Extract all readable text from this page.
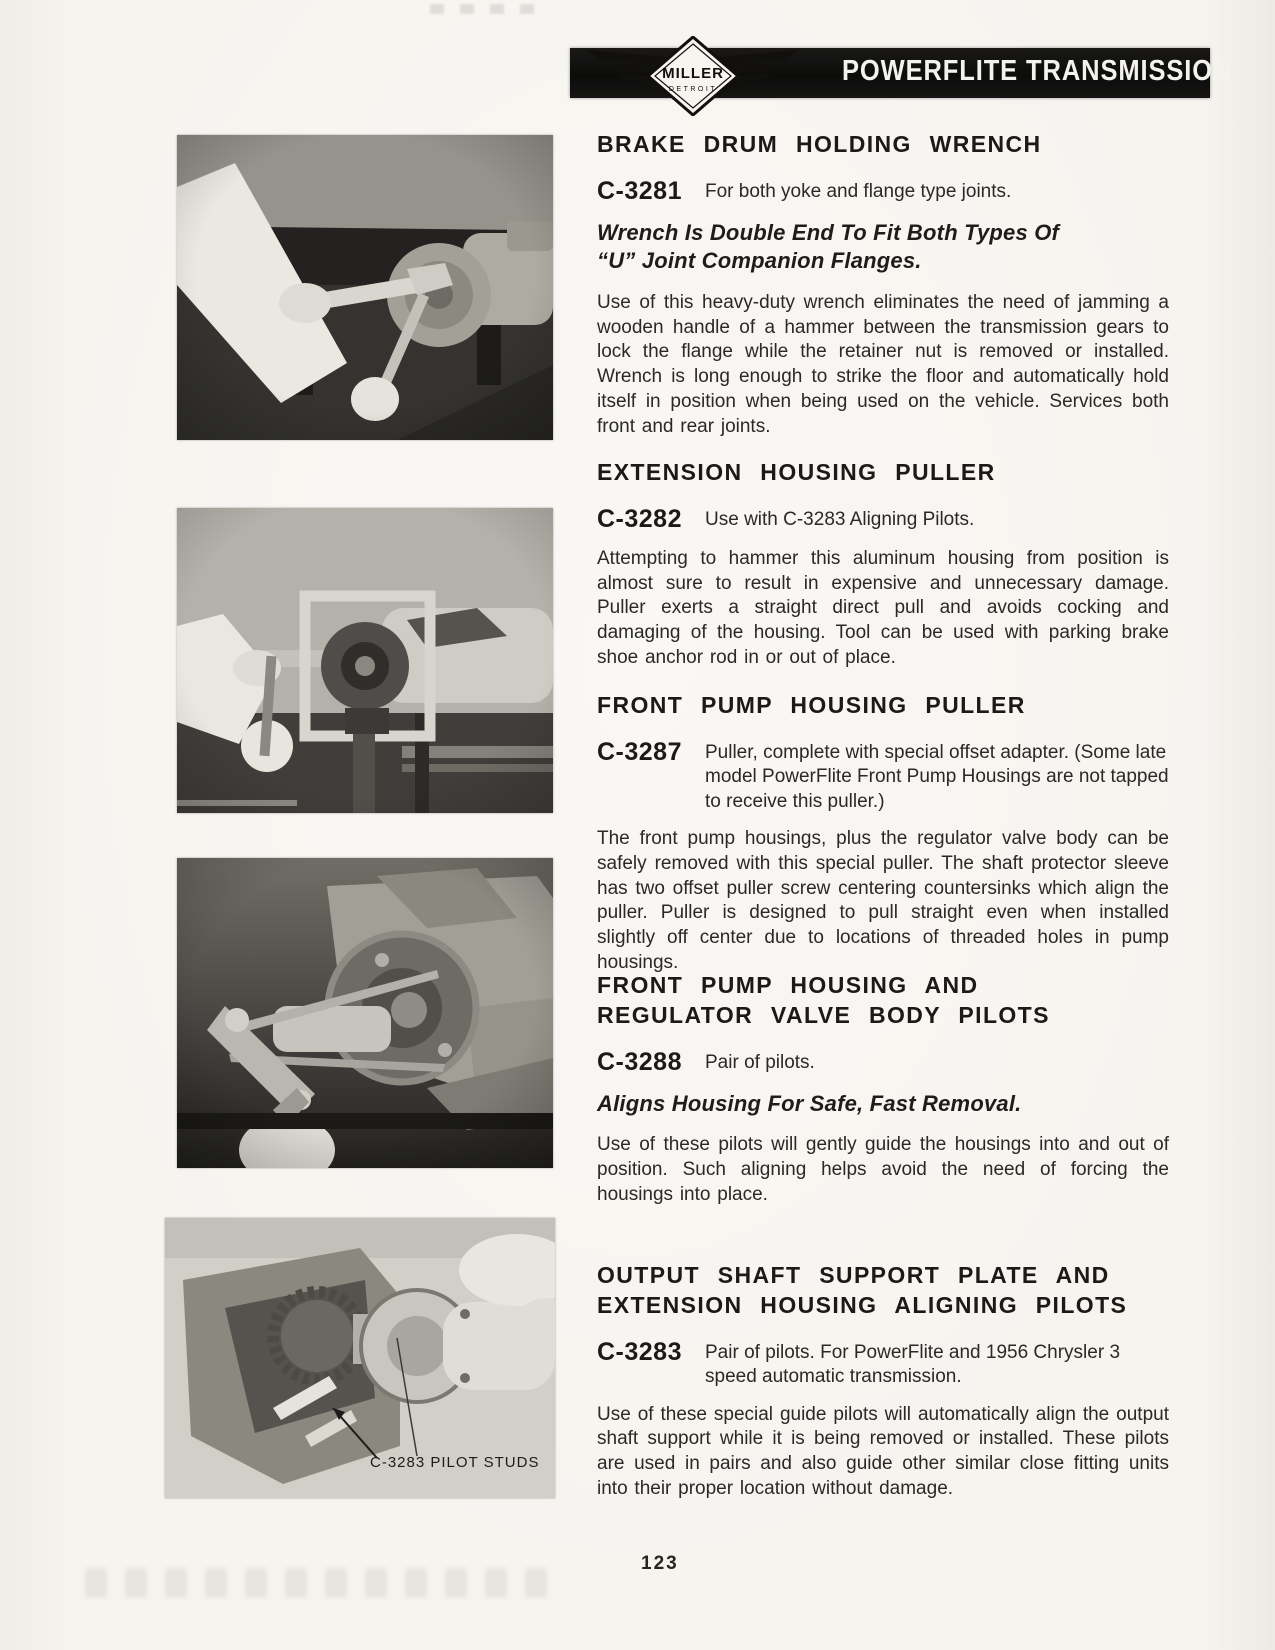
POWERFLITE TRANSMISSION
MILLER
DETROIT
C-3283 PILOT STUDS
BRAKE DRUM HOLDING WRENCH
C-3281	For both yoke and flange type joints.
Wrench Is Double End To Fit Both Types Of “U” Joint Companion Flanges.

Use of this heavy-duty wrench eliminates the need of jamming a wooden handle of a hammer between the transmission gears to lock the flange while the retainer nut is removed or installed. Wrench is long enough to strike the floor and automatically hold itself in position when being used on the vehicle. Services both front and rear joints.

EXTENSION HOUSING PULLER
C-3282	Use with C-3283 Aligning Pilots.

Attempting to hammer this aluminum housing from position is almost sure to result in expensive and unnecessary damage. Puller exerts a straight direct pull and avoids cocking and damaging of the housing. Tool can be used with parking brake shoe anchor rod in or out of place.

FRONT PUMP HOUSING PULLER
C-3287	Puller, complete with special offset adapter. (Some late model PowerFlite Front Pump Housings are not tapped to receive this puller.)

The front pump housings, plus the regulator valve body can be safely removed with this special puller. The shaft protector sleeve has two offset puller screw centering countersinks which align the puller. Puller is designed to pull straight even when installed slightly off center due to locations of threaded holes in pump housings.

FRONT PUMP HOUSING AND REGULATOR VALVE BODY PILOTS
C-3288	Pair of pilots.
Aligns Housing For Safe, Fast Removal.

Use of these pilots will gently guide the housings into and out of position. Such aligning helps avoid the need of forcing the housings into place.

OUTPUT SHAFT SUPPORT PLATE AND EXTENSION HOUSING ALIGNING PILOTS
C-3283	Pair of pilots. For PowerFlite and 1956 Chrysler 3 speed automatic transmission.

Use of these special guide pilots will automatically align the output shaft support while it is being removed or installed. These pilots are used in pairs and also guide other similar close fitting units into their proper location without damage.

123
